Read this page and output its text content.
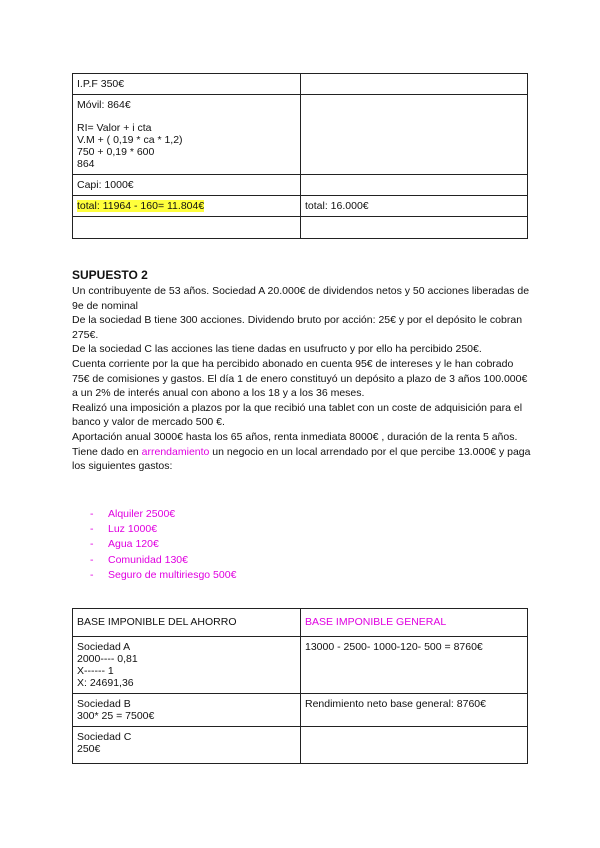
I.P.F 350€	

Móvil: 864€
RI= Valor + i cta
V.M + ( 0,19 * ca * 1,2)
750 + 0,19 * 600
864	

Capi: 1000€	
total: 11964 - 160= 11.804€	total: 16.000€

SUPUESTO 2

Un contribuyente de 53 años. Sociedad A 20.000€ de dividendos netos y 50 acciones liberadas de 9e de nominal

De la sociedad B tiene 300 acciones. Dividendo bruto por acción: 25€ y por el depósito le cobran 275€.

De la sociedad C las acciones las tiene dadas en usufructo y por ello ha percibido 250€.

Cuenta corriente por la que ha percibido abonado en cuenta 95€ de intereses y le han cobrado 75€ de comisiones y gastos. El día 1 de enero constituyó un depósito a plazo de 3 años 100.000€ a un 2% de interés anual con abono a los 18 y a los 36 meses.

Realizó una imposición a plazos por la que recibió una tablet con un coste de adquisición para el banco y valor de mercado 500 €.

Aportación anual 3000€ hasta los 65 años, renta inmediata 8000€ , duración de la renta 5 años.

Tiene dado en arrendamiento un negocio en un local arrendado por el que percibe 13.000€ y paga los siguientes gastos:

-	Alquiler 2500€
-	Luz 1000€
-	Agua 120€
-	Comunidad 130€
-	Seguro de multiriesgo 500€
BASE IMPONIBLE DEL AHORRO	BASE IMPONIBLE GENERAL

Sociedad A
2000---- 0,81
X------ 1
X: 24691,36	13000 - 2500- 1000-120- 500 = 8760€

Sociedad B
300* 25 = 7500€	Rendimiento neto base general: 8760€

Sociedad C
250€	
